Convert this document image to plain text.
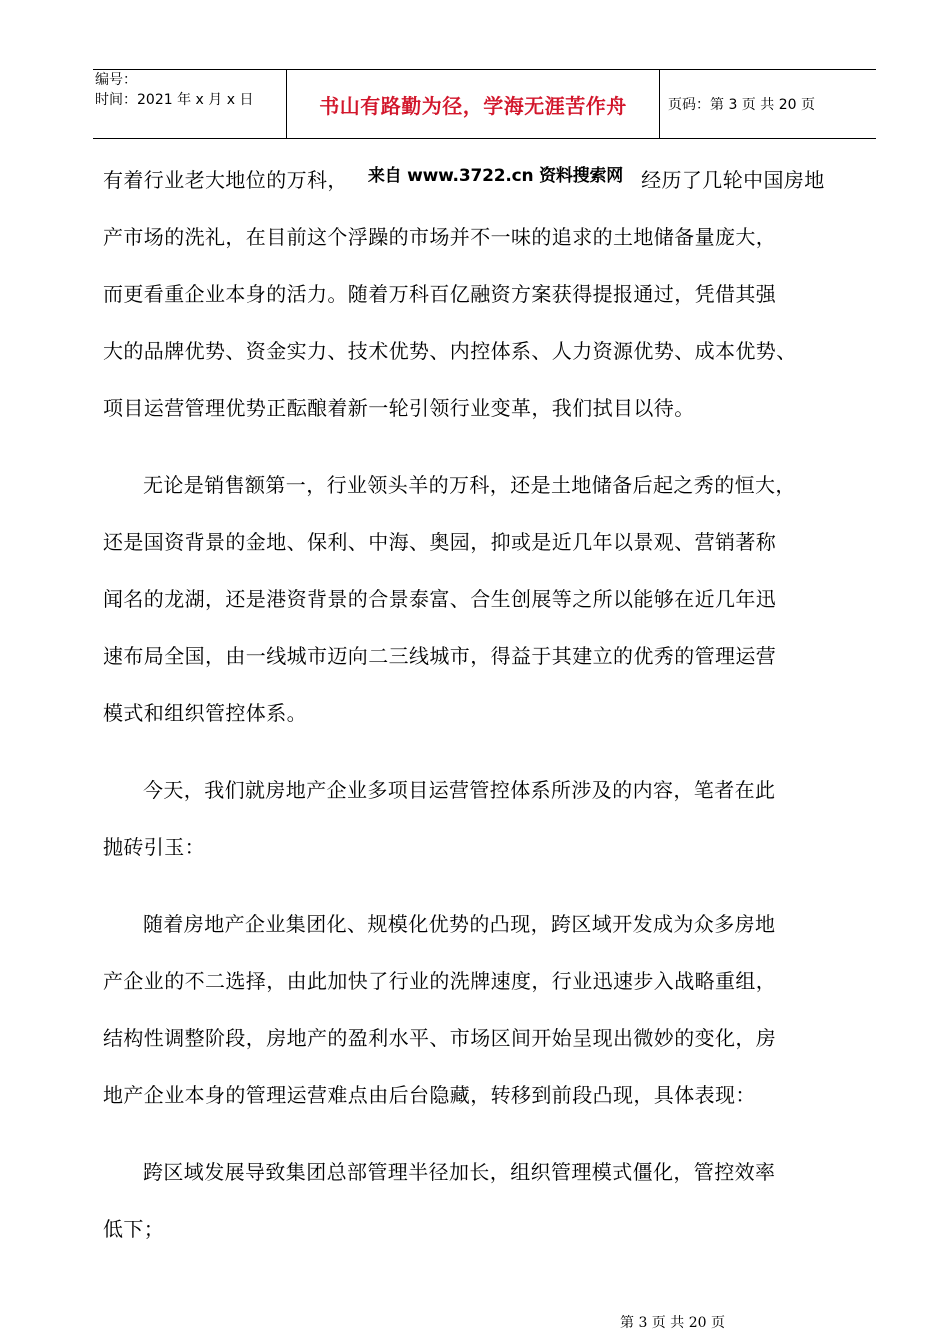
编号：
时间：2021 年 x 月 x 日	书山有路勤为径，学海无涯苦作舟	页码：第 3 页 共 20 页
有着行业老大地位的万科， $^{来自 www.3722.cn 资料搜索网}$ 经历了几轮中国房地
产市场的洗礼，在目前这个浮躁的市场并不一味的追求的土地储备量庞大，
而更看重企业本身的活力。随着万科百亿融资方案获得提报通过，凭借其强
大的品牌优势、资金实力、技术优势、内控体系、人力资源优势、成本优势、
项目运营管理优势正酝酿着新一轮引领行业变革，我们拭目以待。
无论是销售额第一，行业领头羊的万科，还是土地储备后起之秀的恒大，
还是国资背景的金地、保利、中海、奥园，抑或是近几年以景观、营销著称
闻名的龙湖，还是港资背景的合景泰富、合生创展等之所以能够在近几年迅
速布局全国，由一线城市迈向二三线城市，得益于其建立的优秀的管理运营
模式和组织管控体系。
今天，我们就房地产企业多项目运营管控体系所涉及的内容，笔者在此
抛砖引玉：
随着房地产企业集团化、规模化优势的凸现，跨区域开发成为众多房地
产企业的不二选择，由此加快了行业的洗牌速度，行业迅速步入战略重组，
结构性调整阶段，房地产的盈利水平、市场区间开始呈现出微妙的变化，房
地产企业本身的管理运营难点由后台隐藏，转移到前段凸现，具体表现：
跨区域发展导致集团总部管理半径加长，组织管理模式僵化，管控效率
低下；
第 3 页 共 20 页
